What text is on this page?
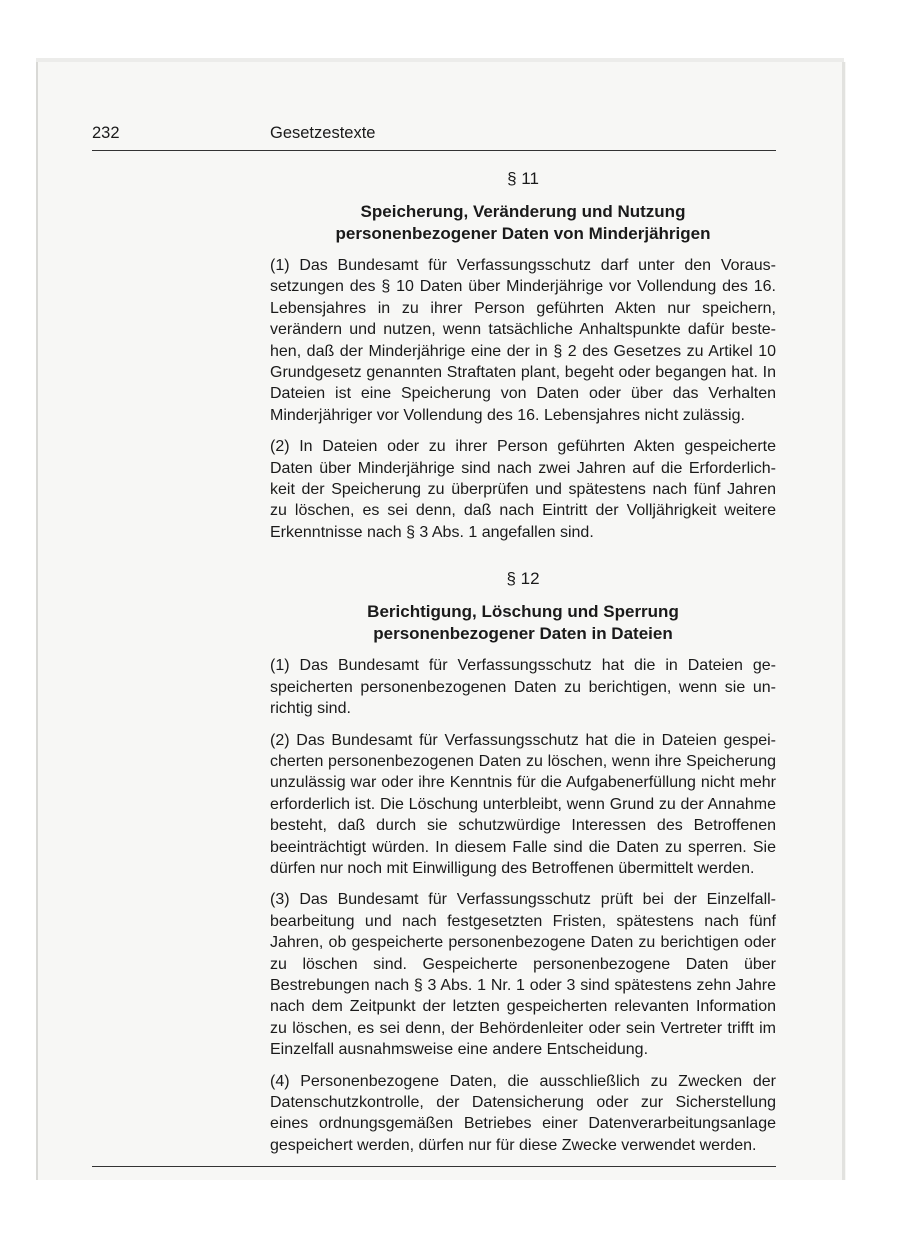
232	Gesetzestexte
§ 11
Speicherung, Veränderung und Nutzung
personenbezogener Daten von Minderjährigen

(1) Das Bundesamt für Verfassungsschutz darf unter den Voraussetzungen des § 10 Daten über Minderjährige vor Vollendung des 16. Lebensjahres in zu ihrer Person geführten Akten nur speichern, verändern und nutzen, wenn tatsächliche Anhaltspunkte dafür bestehen, daß der Minderjährige eine der in § 2 des Gesetzes zu Artikel 10 Grundgesetz genannten Straftaten plant, begeht oder begangen hat. In Dateien ist eine Speicherung von Daten oder über das Verhalten Minderjähriger vor Vollendung des 16. Lebensjahres nicht zulässig.

(2) In Dateien oder zu ihrer Person geführten Akten gespeicherte Daten über Minderjährige sind nach zwei Jahren auf die Erforderlichkeit der Speicherung zu überprüfen und spätestens nach fünf Jahren zu löschen, es sei denn, daß nach Eintritt der Volljährigkeit weitere Erkenntnisse nach § 3 Abs. 1 angefallen sind.

§ 12
Berichtigung, Löschung und Sperrung
personenbezogener Daten in Dateien

(1) Das Bundesamt für Verfassungsschutz hat die in Dateien gespeicherten personenbezogenen Daten zu berichtigen, wenn sie unrichtig sind.

(2) Das Bundesamt für Verfassungsschutz hat die in Dateien gespeicherten personenbezogenen Daten zu löschen, wenn ihre Speicherung unzulässig war oder ihre Kenntnis für die Aufgabenerfüllung nicht mehr erforderlich ist. Die Löschung unterbleibt, wenn Grund zu der Annahme besteht, daß durch sie schutzwürdige Interessen des Betroffenen beeinträchtigt würden. In diesem Falle sind die Daten zu sperren. Sie dürfen nur noch mit Einwilligung des Betroffenen übermittelt werden.

(3) Das Bundesamt für Verfassungsschutz prüft bei der Einzelfallbearbeitung und nach festgesetzten Fristen, spätestens nach fünf Jahren, ob gespeicherte personenbezogene Daten zu berichtigen oder zu löschen sind. Gespeicherte personenbezogene Daten über Bestrebungen nach § 3 Abs. 1 Nr. 1 oder 3 sind spätestens zehn Jahre nach dem Zeitpunkt der letzten gespeicherten relevanten Information zu löschen, es sei denn, der Behördenleiter oder sein Vertreter trifft im Einzelfall ausnahmsweise eine andere Entscheidung.

(4) Personenbezogene Daten, die ausschließlich zu Zwecken der Datenschutzkontrolle, der Datensicherung oder zur Sicherstellung eines ordnungsgemäßen Betriebes einer Datenverarbeitungsanlage gespeichert werden, dürfen nur für diese Zwecke verwendet werden.
